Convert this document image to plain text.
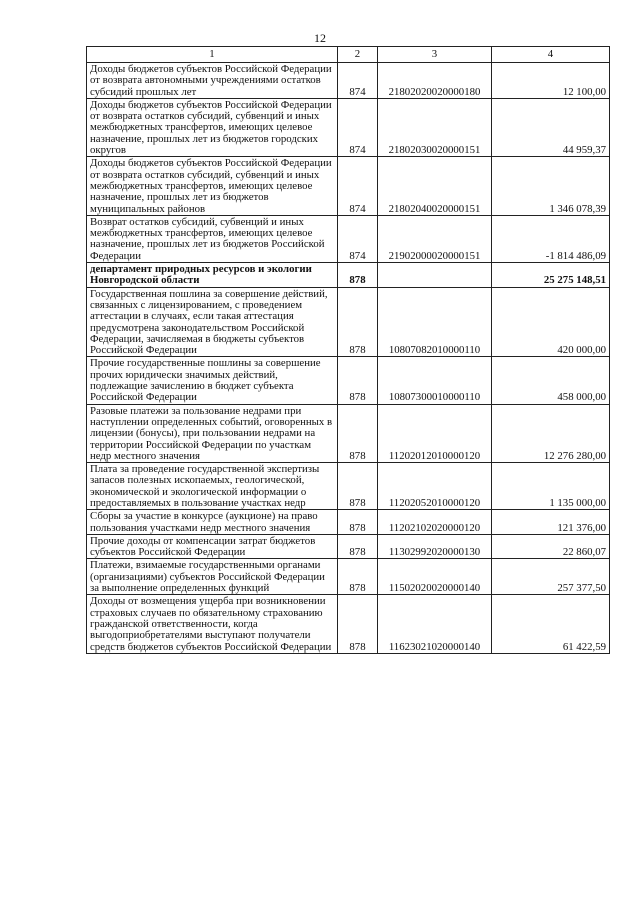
12
1	2	3	4
Доходы бюджетов субъектов Российской Федерации от возврата автономными учреждениями остатков субсидий прошлых лет	874	21802020020000180	12 100,00
Доходы бюджетов субъектов Российской Федерации от возврата остатков субсидий, субвенций и иных межбюджетных трансфертов, имеющих целевое назначение, прошлых лет из бюджетов городских округов	874	21802030020000151	44 959,37
Доходы бюджетов субъектов Российской Федерации от возврата остатков субсидий, субвенций и иных межбюджетных трансфертов, имеющих целевое назначение, прошлых лет из бюджетов муниципальных районов	874	21802040020000151	1 346 078,39
Возврат остатков субсидий, субвенций и иных межбюджетных трансфертов, имеющих целевое назначение, прошлых лет из бюджетов Российской Федерации	874	21902000020000151	-1 814 486,09
департамент природных ресурсов и экологии Новгородской области	878		25 275 148,51
Государственная пошлина за совершение действий, связанных с лицензированием, с проведением аттестации в случаях, если такая аттестация предусмотрена законодательством Российской Федерации, зачисляемая в бюджеты субъектов Российской Федерации	878	10807082010000110	420 000,00
Прочие государственные пошлины за совершение прочих юридически значимых действий, подлежащие зачислению в бюджет субъекта Российской Федерации	878	10807300010000110	458 000,00
Разовые платежи за пользование недрами при наступлении определенных событий, оговоренных в лицензии (бонусы), при пользовании недрами на территории Российской Федерации по участкам недр местного значения	878	11202012010000120	12 276 280,00
Плата за проведение государственной экспертизы запасов полезных ископаемых, геологической, экономической и экологической информации о предоставляемых в пользование участках недр	878	11202052010000120	1 135 000,00
Сборы за участие в конкурсе (аукционе) на право пользования участками недр местного значения	878	11202102020000120	121 376,00
Прочие доходы от компенсации затрат бюджетов субъектов Российской Федерации	878	11302992020000130	22 860,07
Платежи, взимаемые государственными органами (организациями) субъектов Российской Федерации за выполнение определенных функций	878	11502020020000140	257 377,50
Доходы от возмещения ущерба при возникновении страховых случаев по обязательному страхованию гражданской ответственности, когда выгодоприобретателями выступают получатели средств бюджетов субъектов Российской Федерации	878	11623021020000140	61 422,59
